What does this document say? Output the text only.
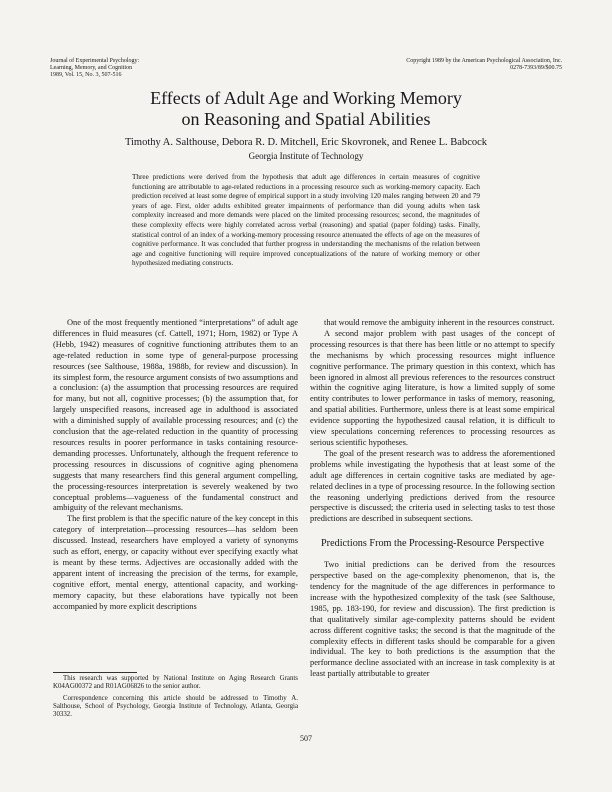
Journal of Experimental Psychology:
Learning, Memory, and Cognition
1989, Vol. 15, No. 3, 507-516
Copyright 1989 by the American Psychological Association, Inc.
0278-7393/89/$00.75
Effects of Adult Age and Working Memory
on Reasoning and Spatial Abilities
Timothy A. Salthouse, Debora R. D. Mitchell, Eric Skovronek, and Renee L. Babcock
Georgia Institute of Technology
Three predictions were derived from the hypothesis that adult age differences in certain measures of cognitive functioning are attributable to age-related reductions in a processing resource such as working-memory capacity. Each prediction received at least some degree of empirical support in a study involving 120 males ranging between 20 and 79 years of age. First, older adults exhibited greater impairments of performance than did young adults when task complexity increased and more demands were placed on the limited processing resources; second, the magnitudes of these complexity effects were highly correlated across verbal (reasoning) and spatial (paper folding) tasks. Finally, statistical control of an index of a working-memory processing resource attenuated the effects of age on the measures of cognitive performance. It was concluded that further progress in understanding the mechanisms of the relation between age and cognitive functioning will require improved conceptualizations of the nature of working memory or other hypothesized mediating constructs.

One of the most frequently mentioned “interpretations” of adult age differences in fluid measures (cf. Cattell, 1971; Horn, 1982) or Type A (Hebb, 1942) measures of cognitive functioning attributes them to an age-related reduction in some type of general-purpose processing resources (see Salthouse, 1988a, 1988b, for review and discussion). In its simplest form, the resource argument consists of two assumptions and a conclusion: (a) the assumption that processing resources are required for many, but not all, cognitive processes; (b) the assumption that, for largely unspecified reasons, increased age in adulthood is associated with a diminished supply of available processing resources; and (c) the conclusion that the age-related reduction in the quantity of processing resources results in poorer performance in tasks containing resource-demanding processes. Unfortunately, although the frequent reference to processing resources in discussions of cognitive aging phenomena suggests that many researchers find this general argument compelling, the processing-resources interpretation is severely weakened by two conceptual problems—vagueness of the fundamental construct and ambiguity of the relevant mechanisms.

The first problem is that the specific nature of the key concept in this category of interpretation—processing resources—has seldom been discussed. Instead, researchers have employed a variety of synonyms such as effort, energy, or capacity without ever specifying exactly what is meant by these terms. Adjectives are occasionally added with the apparent intent of increasing the precision of the terms, for example, cognitive effort, mental energy, attentional capacity, and working-memory capacity, but these elaborations have typically not been accompanied by more explicit descriptions

that would remove the ambiguity inherent in the resources construct.

A second major problem with past usages of the concept of processing resources is that there has been little or no attempt to specify the mechanisms by which processing resources might influence cognitive performance. The primary question in this context, which has been ignored in almost all previous references to the resources construct within the cognitive aging literature, is how a limited supply of some entity contributes to lower performance in tasks of memory, reasoning, and spatial abilities. Furthermore, unless there is at least some empirical evidence supporting the hypothesized causal relation, it is difficult to view speculations concerning references to processing resources as serious scientific hypotheses.

The goal of the present research was to address the aforementioned problems while investigating the hypothesis that at least some of the adult age differences in certain cognitive tasks are mediated by age-related declines in a type of processing resource. In the following section the reasoning underlying predictions derived from the resource perspective is discussed; the criteria used in selecting tasks to test those predictions are described in subsequent sections.

Predictions From the Processing-Resource Perspective

Two initial predictions can be derived from the resources perspective based on the age-complexity phenomenon, that is, the tendency for the magnitude of the age differences in performance to increase with the hypothesized complexity of the task (see Salthouse, 1985, pp. 183-190, for review and discussion). The first prediction is that qualitatively similar age-complexity patterns should be evident across different cognitive tasks; the second is that the magnitude of the complexity effects in different tasks should be comparable for a given individual. The key to both predictions is the assumption that the performance decline associated with an increase in task complexity is at least partially attributable to greater

This research was supported by National Institute on Aging Research Grants K04AG00372 and R01AG06826 to the senior author.

Correspondence concerning this article should be addressed to Timothy A. Salthouse, School of Psychology, Georgia Institute of Technology, Atlanta, Georgia 30332.

507
